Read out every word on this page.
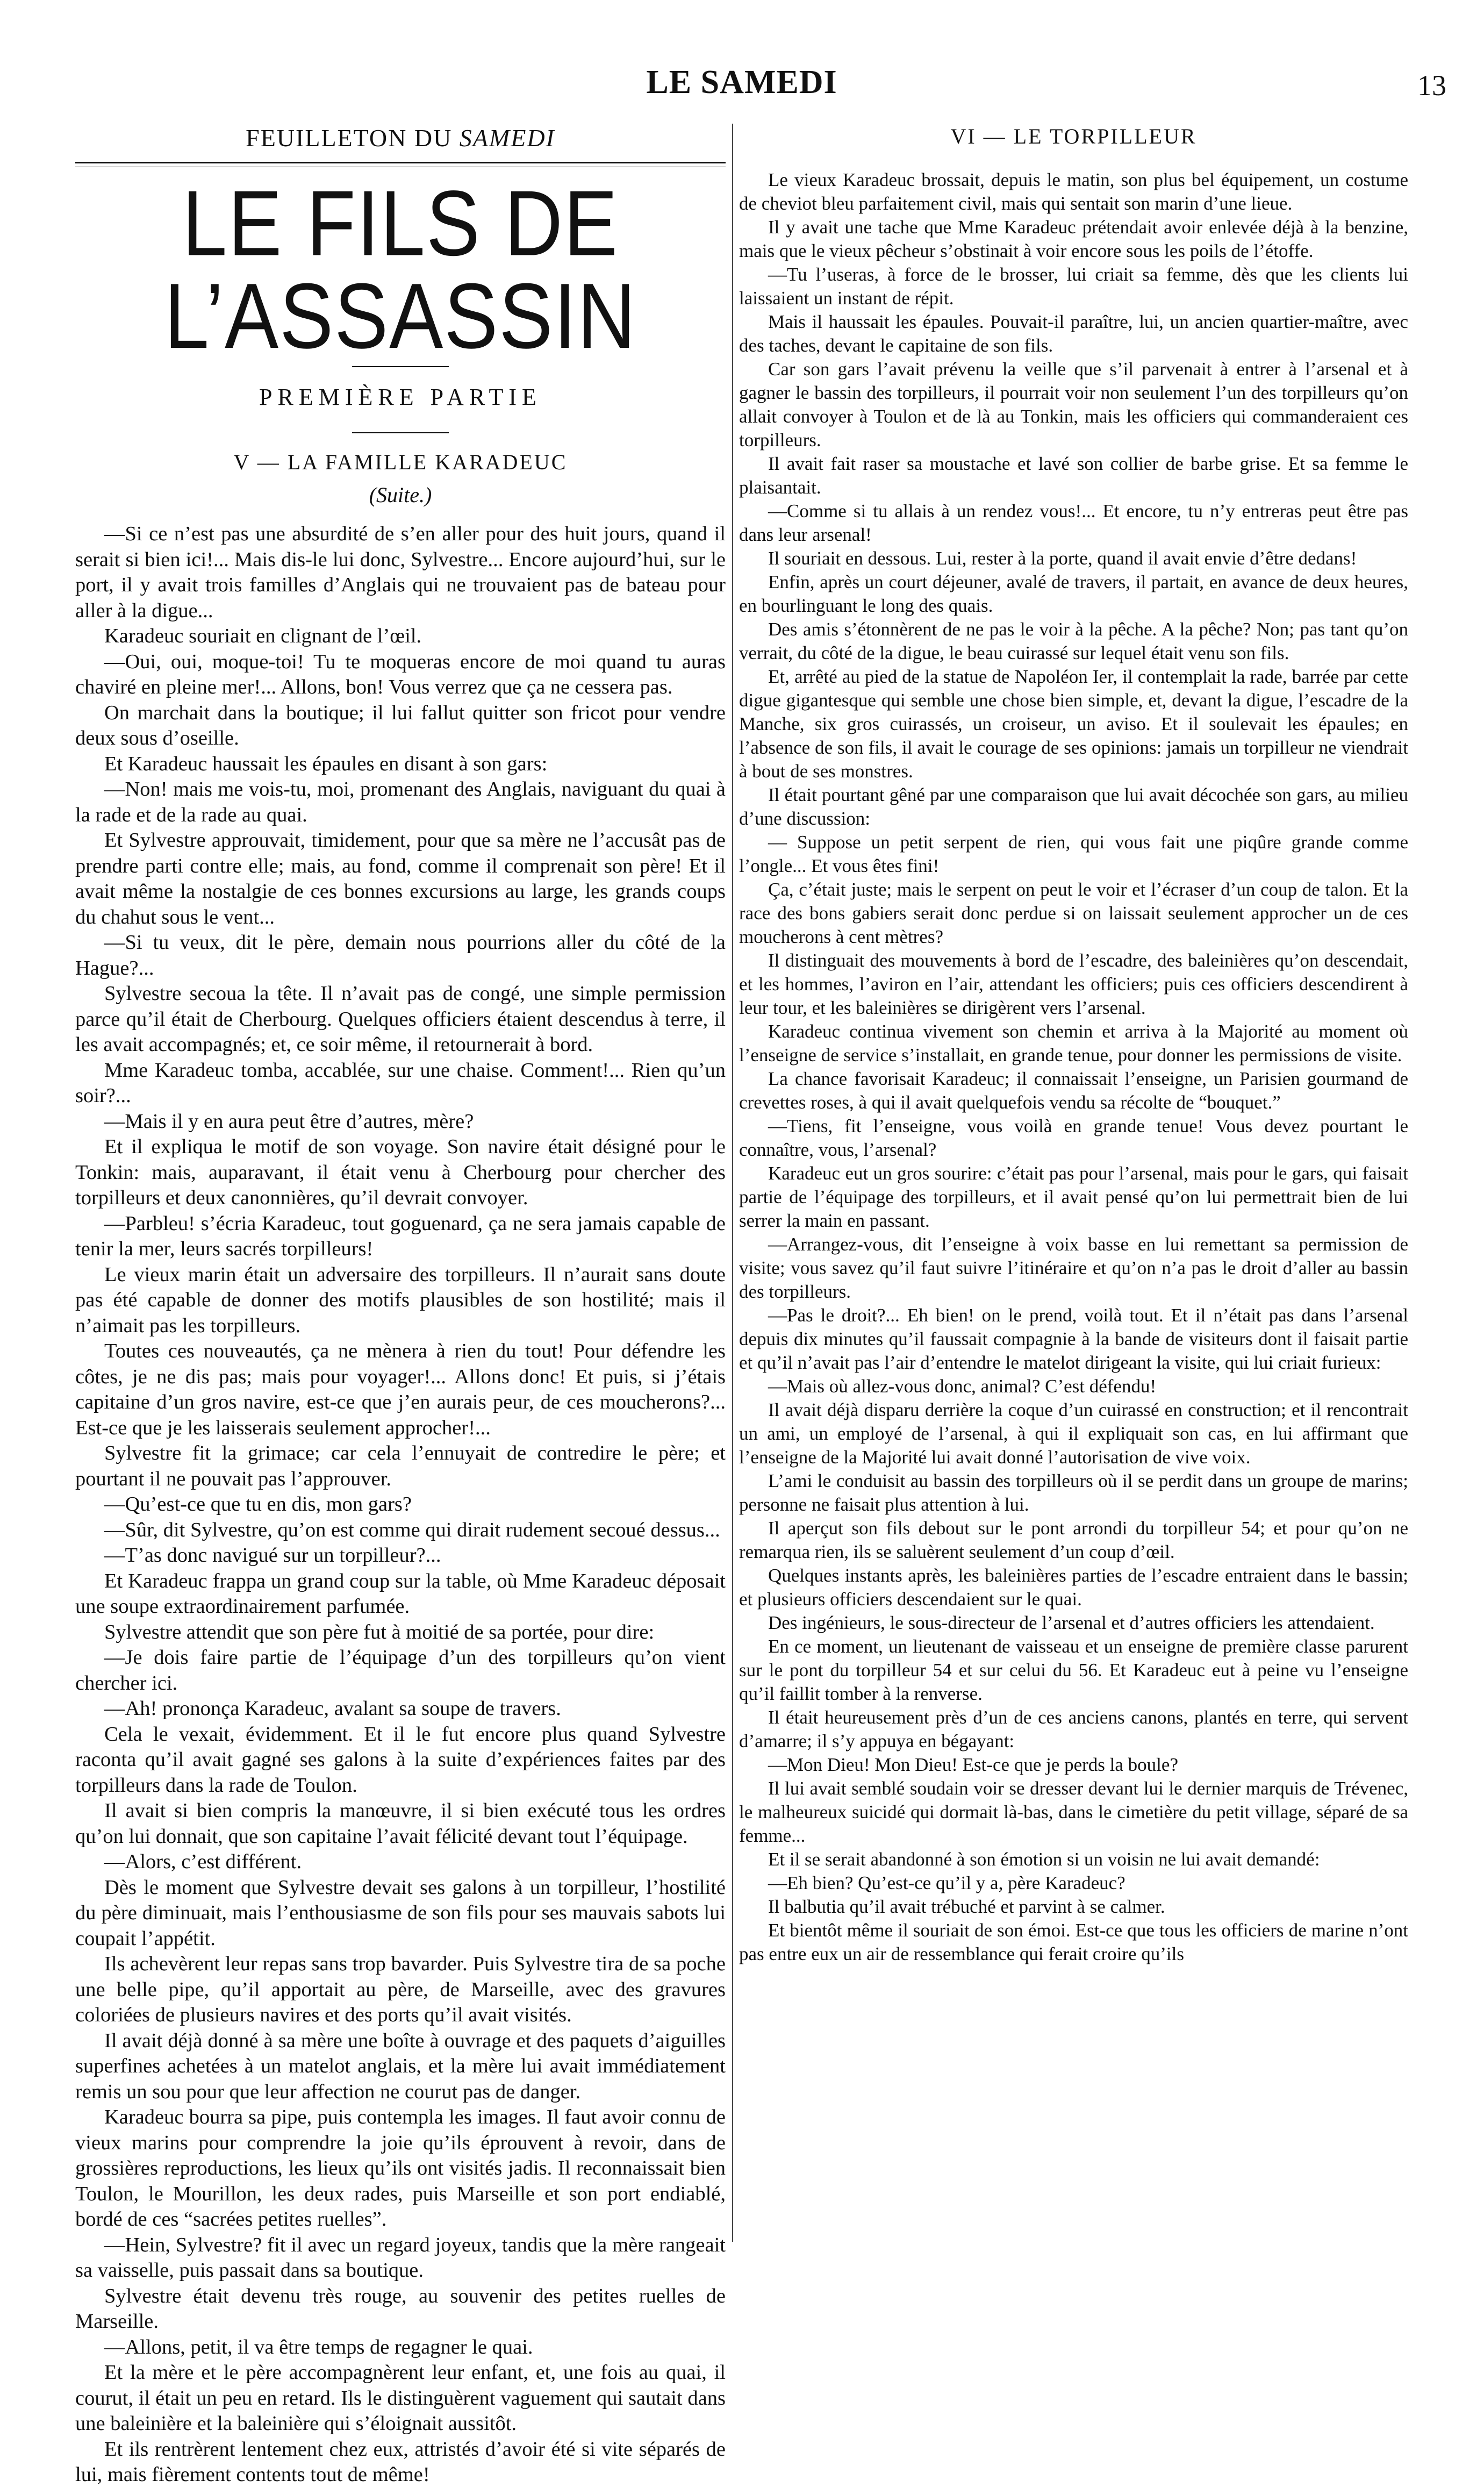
LE SAMEDI	13
FEUILLETON DU SAMEDI
LE FILS DE L’ASSASSIN
PREMIÈRE PARTIE
V — LA FAMILLE KARADEUC
(Suite.)

—Si ce n’est pas une absurdité de s’en aller pour des huit jours, quand il serait si bien ici!... Mais dis-le lui donc, Sylvestre... Encore aujourd’hui, sur le port, il y avait trois familles d’Anglais qui ne trouvaient pas de bateau pour aller à la digue...

Karadeuc souriait en clignant de l’œil.

—Oui, oui, moque-toi! Tu te moqueras encore de moi quand tu auras chaviré en pleine mer!... Allons, bon! Vous verrez que ça ne cessera pas.

On marchait dans la boutique; il lui fallut quitter son fricot pour vendre deux sous d’oseille.

Et Karadeuc haussait les épaules en disant à son gars:

—Non! mais me vois-tu, moi, promenant des Anglais, naviguant du quai à la rade et de la rade au quai.

Et Sylvestre approuvait, timidement, pour que sa mère ne l’accusât pas de prendre parti contre elle; mais, au fond, comme il comprenait son père! Et il avait même la nostalgie de ces bonnes excursions au large, les grands coups du chahut sous le vent...

—Si tu veux, dit le père, demain nous pourrions aller du côté de la Hague?...

Sylvestre secoua la tête. Il n’avait pas de congé, une simple permission parce qu’il était de Cherbourg. Quelques officiers étaient descendus à terre, il les avait accompagnés; et, ce soir même, il retournerait à bord.

Mme Karadeuc tomba, accablée, sur une chaise. Comment!... Rien qu’un soir?...

—Mais il y en aura peut être d’autres, mère?

Et il expliqua le motif de son voyage. Son navire était désigné pour le Tonkin: mais, auparavant, il était venu à Cherbourg pour chercher des torpilleurs et deux canonnières, qu’il devrait convoyer.

—Parbleu! s’écria Karadeuc, tout goguenard, ça ne sera jamais capable de tenir la mer, leurs sacrés torpilleurs!

Le vieux marin était un adversaire des torpilleurs. Il n’aurait sans doute pas été capable de donner des motifs plausibles de son hostilité; mais il n’aimait pas les torpilleurs.

Toutes ces nouveautés, ça ne mènera à rien du tout! Pour défendre les côtes, je ne dis pas; mais pour voyager!... Allons donc! Et puis, si j’étais capitaine d’un gros navire, est-ce que j’en aurais peur, de ces moucherons?... Est-ce que je les laisserais seulement approcher!...

Sylvestre fit la grimace; car cela l’ennuyait de contredire le père; et pourtant il ne pouvait pas l’approuver.

—Qu’est-ce que tu en dis, mon gars?

—Sûr, dit Sylvestre, qu’on est comme qui dirait rudement secoué dessus...

—T’as donc navigué sur un torpilleur?...

Et Karadeuc frappa un grand coup sur la table, où Mme Karadeuc déposait une soupe extraordinairement parfumée.

Sylvestre attendit que son père fut à moitié de sa portée, pour dire:

—Je dois faire partie de l’équipage d’un des torpilleurs qu’on vient chercher ici.

—Ah! prononça Karadeuc, avalant sa soupe de travers.

Cela le vexait, évidemment. Et il le fut encore plus quand Sylvestre raconta qu’il avait gagné ses galons à la suite d’expériences faites par des torpilleurs dans la rade de Toulon.

Il avait si bien compris la manœuvre, il si bien exécuté tous les ordres qu’on lui donnait, que son capitaine l’avait félicité devant tout l’équipage.

—Alors, c’est différent.

Dès le moment que Sylvestre devait ses galons à un torpilleur, l’hostilité du père diminuait, mais l’enthousiasme de son fils pour ses mauvais sabots lui coupait l’appétit.

Ils achevèrent leur repas sans trop bavarder. Puis Sylvestre tira de sa poche une belle pipe, qu’il apportait au père, de Marseille, avec des gravures coloriées de plusieurs navires et des ports qu’il avait visités.

Il avait déjà donné à sa mère une boîte à ouvrage et des paquets d’aiguilles superfines achetées à un matelot anglais, et la mère lui avait immédiatement remis un sou pour que leur affection ne courut pas de danger.

Karadeuc bourra sa pipe, puis contempla les images. Il faut avoir connu de vieux marins pour comprendre la joie qu’ils éprouvent à revoir, dans de grossières reproductions, les lieux qu’ils ont visités jadis. Il reconnaissait bien Toulon, le Mourillon, les deux rades, puis Marseille et son port endiablé, bordé de ces “sacrées petites ruelles”.

—Hein, Sylvestre? fit il avec un regard joyeux, tandis que la mère rangeait sa vaisselle, puis passait dans sa boutique.

Sylvestre était devenu très rouge, au souvenir des petites ruelles de Marseille.

—Allons, petit, il va être temps de regagner le quai.

Et la mère et le père accompagnèrent leur enfant, et, une fois au quai, il courut, il était un peu en retard. Ils le distinguèrent vaguement qui sautait dans une baleinière et la baleinière qui s’éloignait aussitôt.

Et ils rentrèrent lentement chez eux, attristés d’avoir été si vite séparés de lui, mais fièrement contents tout de même!

VI — LE TORPILLEUR

Le vieux Karadeuc brossait, depuis le matin, son plus bel équipement, un costume de cheviot bleu parfaitement civil, mais qui sentait son marin d’une lieue.

Il y avait une tache que Mme Karadeuc prétendait avoir enlevée déjà à la benzine, mais que le vieux pêcheur s’obstinait à voir encore sous les poils de l’étoffe.

—Tu l’useras, à force de le brosser, lui criait sa femme, dès que les clients lui laissaient un instant de répit.

Mais il haussait les épaules. Pouvait-il paraître, lui, un ancien quartier-maître, avec des taches, devant le capitaine de son fils.

Car son gars l’avait prévenu la veille que s’il parvenait à entrer à l’arsenal et à gagner le bassin des torpilleurs, il pourrait voir non seulement l’un des torpilleurs qu’on allait convoyer à Toulon et de là au Tonkin, mais les officiers qui commanderaient ces torpilleurs.

Il avait fait raser sa moustache et lavé son collier de barbe grise. Et sa femme le plaisantait.

—Comme si tu allais à un rendez vous!... Et encore, tu n’y entreras peut être pas dans leur arsenal!

Il souriait en dessous. Lui, rester à la porte, quand il avait envie d’être dedans!

Enfin, après un court déjeuner, avalé de travers, il partait, en avance de deux heures, en bourlinguant le long des quais.

Des amis s’étonnèrent de ne pas le voir à la pêche. A la pêche? Non; pas tant qu’on verrait, du côté de la digue, le beau cuirassé sur lequel était venu son fils.

Et, arrêté au pied de la statue de Napoléon Ier, il contemplait la rade, barrée par cette digue gigantesque qui semble une chose bien simple, et, devant la digue, l’escadre de la Manche, six gros cuirassés, un croiseur, un aviso. Et il soulevait les épaules; en l’absence de son fils, il avait le courage de ses opinions: jamais un torpilleur ne viendrait à bout de ses monstres.

Il était pourtant gêné par une comparaison que lui avait décochée son gars, au milieu d’une discussion:

— Suppose un petit serpent de rien, qui vous fait une piqûre grande comme l’ongle... Et vous êtes fini!

Ça, c’était juste; mais le serpent on peut le voir et l’écraser d’un coup de talon. Et la race des bons gabiers serait donc perdue si on laissait seulement approcher un de ces moucherons à cent mètres?

Il distinguait des mouvements à bord de l’escadre, des baleinières qu’on descendait, et les hommes, l’aviron en l’air, attendant les officiers; puis ces officiers descendirent à leur tour, et les baleinières se dirigèrent vers l’arsenal.

Karadeuc continua vivement son chemin et arriva à la Majorité au moment où l’enseigne de service s’installait, en grande tenue, pour donner les permissions de visite.

La chance favorisait Karadeuc; il connaissait l’enseigne, un Parisien gourmand de crevettes roses, à qui il avait quelquefois vendu sa récolte de “bouquet.”

—Tiens, fit l’enseigne, vous voilà en grande tenue! Vous devez pourtant le connaître, vous, l’arsenal?

Karadeuc eut un gros sourire: c’était pas pour l’arsenal, mais pour le gars, qui faisait partie de l’équipage des torpilleurs, et il avait pensé qu’on lui permettrait bien de lui serrer la main en passant.

—Arrangez-vous, dit l’enseigne à voix basse en lui remettant sa permission de visite; vous savez qu’il faut suivre l’itinéraire et qu’on n’a pas le droit d’aller au bassin des torpilleurs.

—Pas le droit?... Eh bien! on le prend, voilà tout. Et il n’était pas dans l’arsenal depuis dix minutes qu’il faussait compagnie à la bande de visiteurs dont il faisait partie et qu’il n’avait pas l’air d’entendre le matelot dirigeant la visite, qui lui criait furieux:

—Mais où allez-vous donc, animal? C’est défendu!

Il avait déjà disparu derrière la coque d’un cuirassé en construction; et il rencontrait un ami, un employé de l’arsenal, à qui il expliquait son cas, en lui affirmant que l’enseigne de la Majorité lui avait donné l’autorisation de vive voix.

L’ami le conduisit au bassin des torpilleurs où il se perdit dans un groupe de marins; personne ne faisait plus attention à lui.

Il aperçut son fils debout sur le pont arrondi du torpilleur 54; et pour qu’on ne remarqua rien, ils se saluèrent seulement d’un coup d’œil.

Quelques instants après, les baleinières parties de l’escadre entraient dans le bassin; et plusieurs officiers descendaient sur le quai.

Des ingénieurs, le sous-directeur de l’arsenal et d’autres officiers les attendaient.

En ce moment, un lieutenant de vaisseau et un enseigne de première classe parurent sur le pont du torpilleur 54 et sur celui du 56. Et Karadeuc eut à peine vu l’enseigne qu’il faillit tomber à la renverse.

Il était heureusement près d’un de ces anciens canons, plantés en terre, qui servent d’amarre; il s’y appuya en bégayant:

—Mon Dieu! Mon Dieu! Est-ce que je perds la boule?

Il lui avait semblé soudain voir se dresser devant lui le dernier marquis de Trévenec, le malheureux suicidé qui dormait là-bas, dans le cimetière du petit village, séparé de sa femme...

Et il se serait abandonné à son émotion si un voisin ne lui avait demandé:

—Eh bien? Qu’est-ce qu’il y a, père Karadeuc?

Il balbutia qu’il avait trébuché et parvint à se calmer.

Et bientôt même il souriait de son émoi. Est-ce que tous les officiers de marine n’ont pas entre eux un air de ressemblance qui ferait croire qu’ils
